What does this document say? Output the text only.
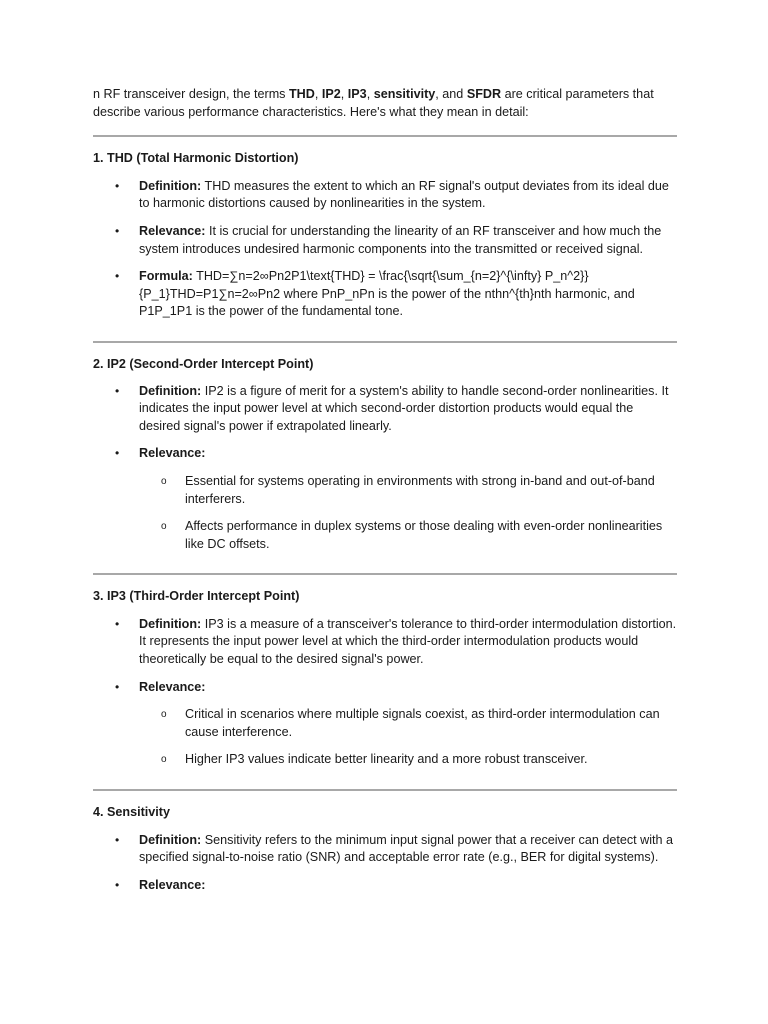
n RF transceiver design, the terms THD, IP2, IP3, sensitivity, and SFDR are critical parameters that describe various performance characteristics. Here's what they mean in detail:

1. THD (Total Harmonic Distortion)
• Definition: THD measures the extent to which an RF signal's output deviates from its ideal due to harmonic distortions caused by nonlinearities in the system.
• Relevance: It is crucial for understanding the linearity of an RF transceiver and how much the system introduces undesired harmonic components into the transmitted or received signal.
• Formula: THD=∑n=2∞Pn2P1\text{THD} = \frac{\sqrt{\sum_{n=2}^{\infty} P_n^2}}{P_1}THD=P1∑n=2∞Pn2 where PnP_nPn is the power of the nthn^{th}nth harmonic, and P1P_1P1 is the power of the fundamental tone.
2. IP2 (Second-Order Intercept Point)
• Definition: IP2 is a figure of merit for a system's ability to handle second-order nonlinearities. It indicates the input power level at which second-order distortion products would equal the desired signal's power if extrapolated linearly.
• Relevance:
o Essential for systems operating in environments with strong in-band and out-of-band interferers.
o Affects performance in duplex systems or those dealing with even-order nonlinearities like DC offsets.
3. IP3 (Third-Order Intercept Point)
• Definition: IP3 is a measure of a transceiver's tolerance to third-order intermodulation distortion. It represents the input power level at which the third-order intermodulation products would theoretically be equal to the desired signal's power.
• Relevance:
o Critical in scenarios where multiple signals coexist, as third-order intermodulation can cause interference.
o Higher IP3 values indicate better linearity and a more robust transceiver.
4. Sensitivity
• Definition: Sensitivity refers to the minimum input signal power that a receiver can detect with a specified signal-to-noise ratio (SNR) and acceptable error rate (e.g., BER for digital systems).
• Relevance:
